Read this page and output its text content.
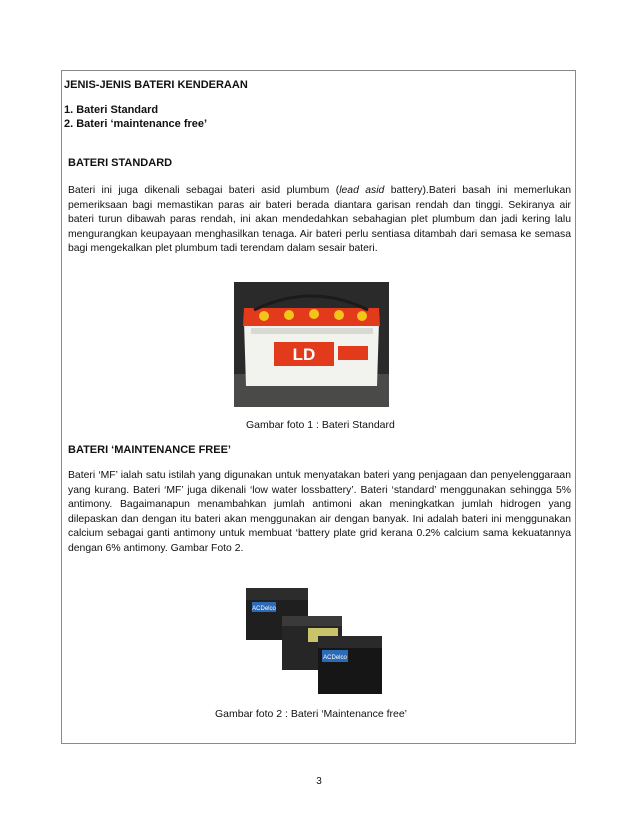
JENIS-JENIS BATERI KENDERAAN
1. Bateri Standard
2. Bateri ‘maintenance free’
BATERI STANDARD
Bateri ini juga dikenali sebagai bateri asid plumbum (lead asid battery).Bateri basah ini memerlukan pemeriksaan bagi memastikan paras air bateri berada diantara garisan rendah dan tinggi. Sekiranya air bateri turun dibawah paras rendah, ini akan mendedahkan sebahagian plet plumbum dan jadi kering lalu mengurangkan keupayaan menghasilkan tenaga. Air bateri perlu sentiasa ditambah dari semasa ke semasa bagi mengekalkan plet plumbum tadi terendam dalam sesair bateri.
LD
Gambar foto 1 : Bateri Standard
BATERI ‘MAINTENANCE FREE’
Bateri ‘MF’ ialah satu istilah yang digunakan untuk menyatakan bateri yang penjagaan dan penyelenggaraan yang kurang. Bateri ‘MF’ juga dikenali ‘low water lossbattery’. Bateri ‘standard’ menggunakan sehingga 5% antimony. Bagaimanapun menambahkan jumlah antimoni akan meningkatkan jumlah hidrogen yang dilepaskan dan dengan itu bateri akan menggunakan air dengan banyak. Ini adalah bateri ini menggunakan calcium sebagai ganti antimony untuk membuat ‘battery plate grid kerana 0.2% calcium sama kekuatannya dengan 6% antimony. Gambar Foto 2.
ACDelco
ACDelco
Gambar foto 2 : Bateri ‘Maintenance free’
3
